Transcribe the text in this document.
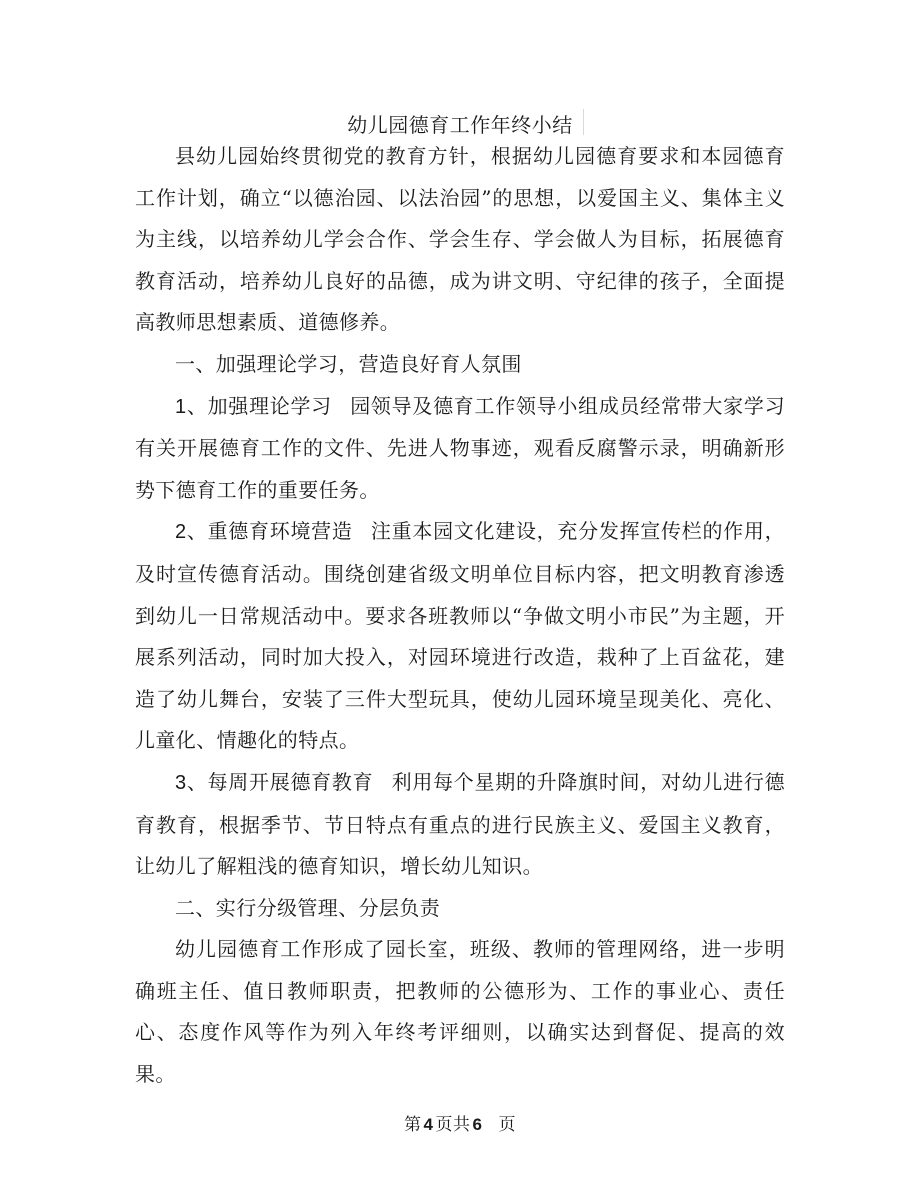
幼儿园德育工作年终小结

县幼儿园始终贯彻党的教育方针，根据幼儿园德育要求和本园德育工作计划，确立“以德治园、以法治园”的思想，以爱国主义、集体主义为主线，以培养幼儿学会合作、学会生存、学会做人为目标，拓展德育教育活动，培养幼儿良好的品德，成为讲文明、守纪律的孩子，全面提高教师思想素质、道德修养。

一、加强理论学习，营造良好育人氛围

1、加强理论学习 园领导及德育工作领导小组成员经常带大家学习有关开展德育工作的文件、先进人物事迹，观看反腐警示录，明确新形势下德育工作的重要任务。

2、重德育环境营造 注重本园文化建设，充分发挥宣传栏的作用，及时宣传德育活动。围绕创建省级文明单位目标内容，把文明教育渗透到幼儿一日常规活动中。要求各班教师以“争做文明小市民”为主题，开展系列活动，同时加大投入，对园环境进行改造，栽种了上百盆花，建造了幼儿舞台，安装了三件大型玩具，使幼儿园环境呈现美化、亮化、儿童化、情趣化的特点。

3、每周开展德育教育 利用每个星期的升降旗时间，对幼儿进行德育教育，根据季节、节日特点有重点的进行民族主义、爱国主义教育，让幼儿了解粗浅的德育知识，增长幼儿知识。

二、实行分级管理、分层负责

幼儿园德育工作形成了园长室，班级、教师的管理网络，进一步明确班主任、值日教师职责，把教师的公德形为、工作的事业心、责任心、态度作风等作为列入年终考评细则，以确实达到督促、提高的效果。

第 4 页共 6 页
